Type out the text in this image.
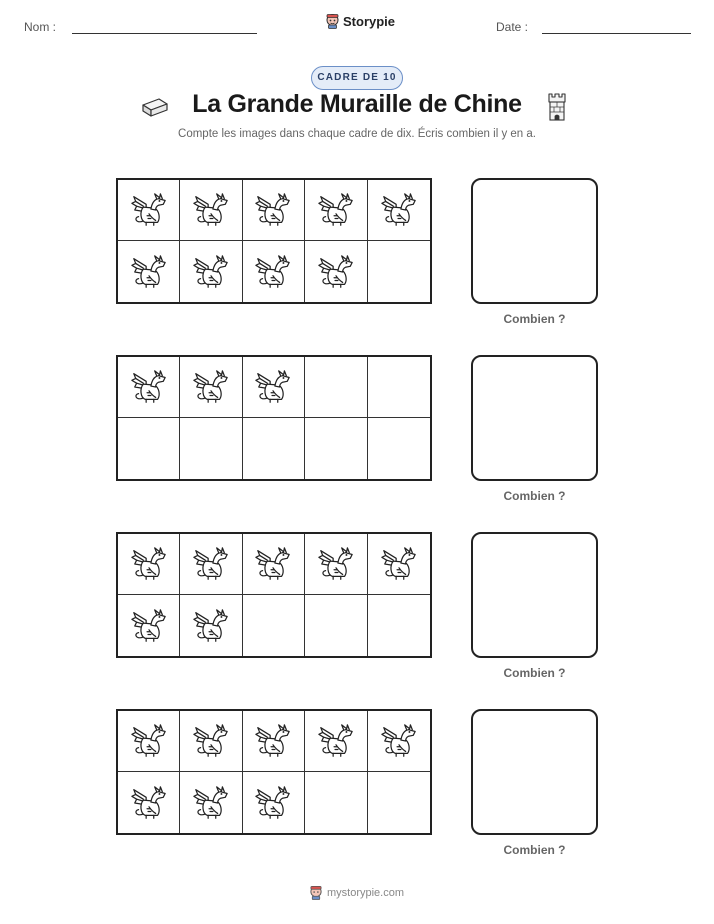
Nom :	Storypie	Date :
CADRE DE 10
La Grande Muraille de Chine
Compte les images dans chaque cadre de dix. Écris combien il y en a.
Combien ?
Combien ?
Combien ?
Combien ?
mystorypie.com
